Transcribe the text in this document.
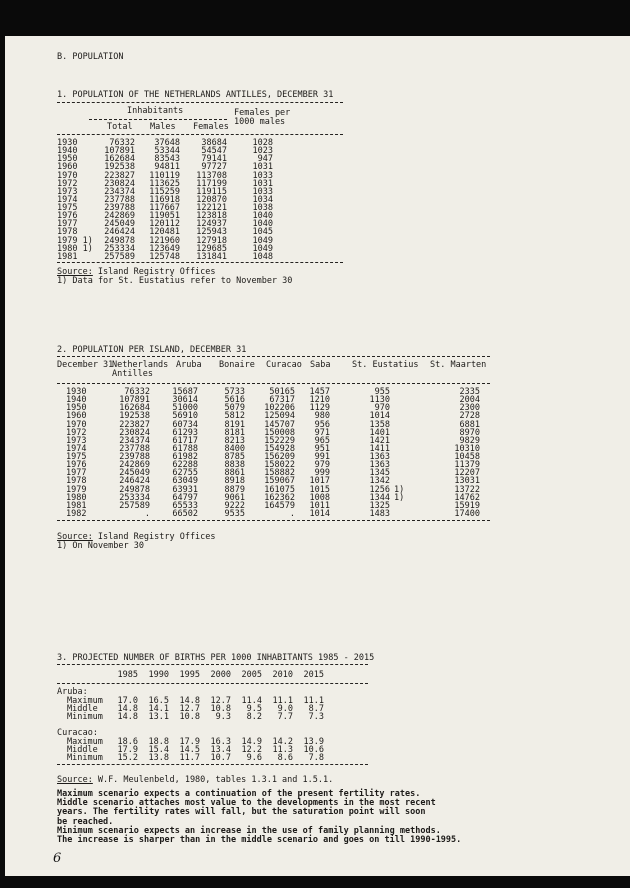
B. POPULATION
1. POPULATION OF THE NETHERLANDS ANTILLES, DECEMBER 31
Inhabitants	Females per 1000 males
Total Males Females
1930	76332	37648	38684	1028
1940	107891	53344	54547	1023
1950	162684	83543	79141	947
1960	192538	94811	97727	1031
1970	223827	110119	113708	1033
1972	230824	113625	117199	1031
1973	234374	115259	119115	1033
1974	237788	116918	120870	1034
1975	239788	117667	122121	1038
1976	242869	119051	123818	1040
1977	245049	120112	124937	1040
1978	246424	120481	125943	1045
1979 1)	249878	121960	127918	1049
1980 1)	253334	123649	129685	1049
1981	257589	125748	131841	1048
Source: Island Registry Offices
1) Data for St. Eustatius refer to November 30
2. POPULATION PER ISLAND, DECEMBER 31
December 31
Netherlands Antilles
Aruba Bonaire Curacao Saba	St. Eustatius St. Maarten
1930	76332	15687	5733	50165	1457	955	2335
1940	107891	30614	5616	67317	1210	1130	2004
1950	162684	51000	5079	102206	1129	970	2300
1960	192538	56910	5812	125094	980	1014	2728
1970	223827	60734	8191	145707	956	1358	6881
1972	230824	61293	8181	150008	971	1401	8970
1973	234374	61717	8213	152229	965	1421	9829
1974	237788	61788	8400	154928	951	1411	10310
1975	239788	61982	8785	156209	991	1363	10458
1976	242869	62288	8838	158022	979	1363	11379
1977	245049	62755	8861	158882	999	1345	12207
1978	246424	63049	8918	159067	1017	1342	13031
1979	249878	63931	8879	161075	1015	1256 1)	13722
1980	253334	64797	9061	162362	1008	1344 1)	14762
1981	257589	65533	9222	164579	1011	1325	15919
1982	.	66502	9535	.	1014	1483	17400
Source: Island Registry Offices
1) On November 30
3. PROJECTED NUMBER OF BIRTHS PER 1000 INHABITANTS 1985 - 2015
1985	1990	1995	2000	2005	2010	2015
Aruba:
Maximum	17.0	16.5	14.8	12.7	11.4	11.1	11.1
Middle	14.8	14.1	12.7	10.8	9.5	9.0	8.7
Minimum	14.8	13.1	10.8	9.3	8.2	7.7	7.3
Curacao:
Maximum	18.6	18.8	17.9	16.3	14.9	14.2	13.9
Middle	17.9	15.4	14.5	13.4	12.2	11.3	10.6
Minimum	15.2	13.8	11.7	10.7	9.6	8.6	7.8
Source: W.F. Meulenbeld, 1980, tables 1.3.1 and 1.5.1.
Maximum scenario expects a continuation of the present fertility rates.
Middle scenario attaches most value to the developments in the most recent
years. The fertility rates will fall, but the saturation point will soon
be reached.
Minimum scenario expects an increase in the use of family planning methods.
The increase is sharper than in the middle scenario and goes on till 1990-1995.
6
